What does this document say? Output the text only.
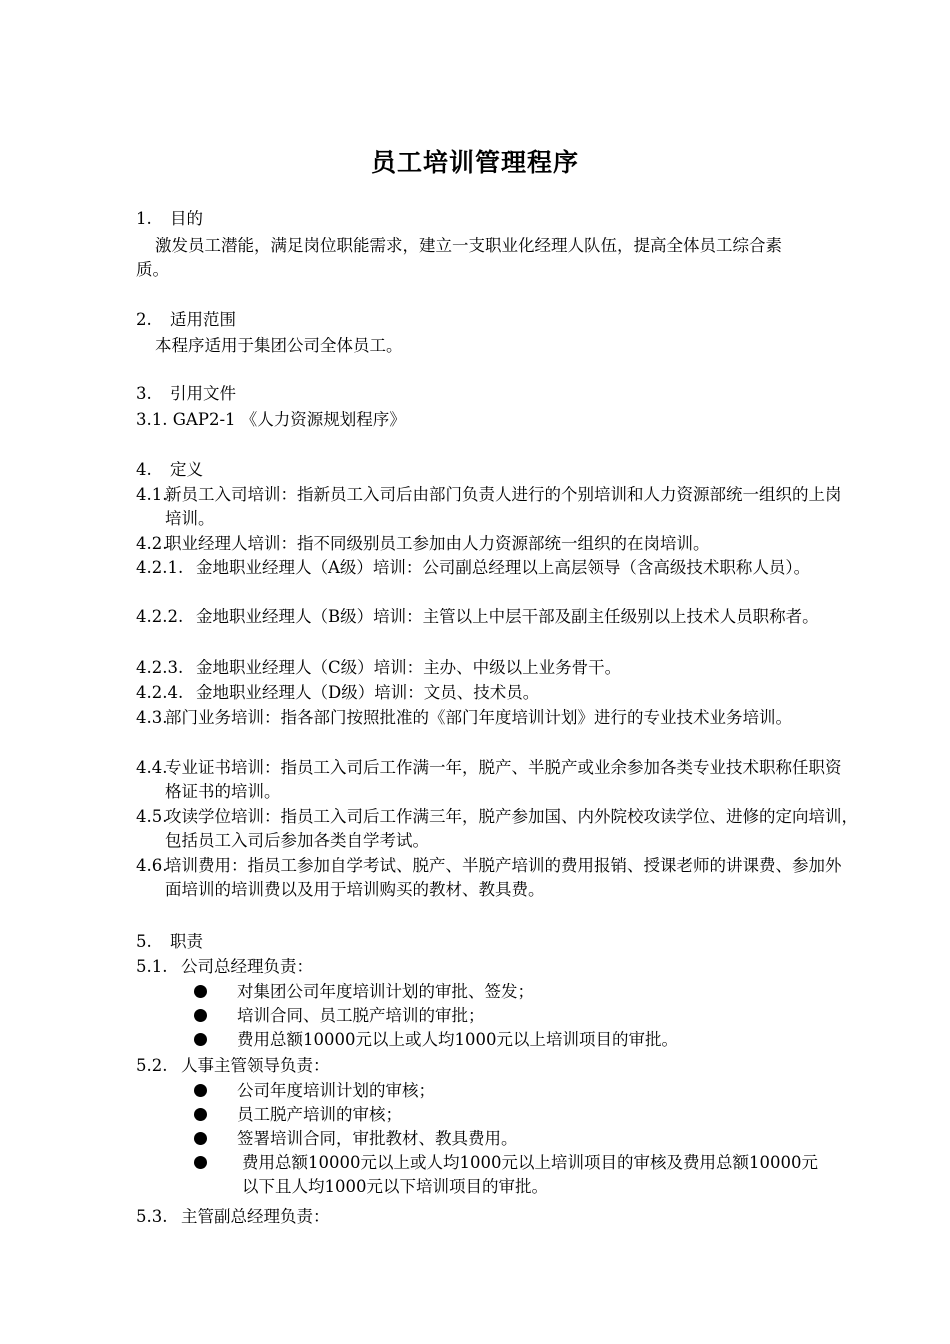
员工培训管理程序
1. 目的
激发员工潜能，满足岗位职能需求，建立一支职业化经理人队伍，提高全体员工综合素质。
2. 适用范围
本程序适用于集团公司全体员工。
3. 引用文件
3.1. GAP2-1 《人力资源规划程序》
4. 定义
4.1.新员工入司培训：指新员工入司后由部门负责人进行的个别培训和人力资源部统一组织的上岗培训。
4.2.职业经理人培训：指不同级别员工参加由人力资源部统一组织的在岗培训。
4.2.1. 金地职业经理人（A级）培训：公司副总经理以上高层领导（含高级技术职称人员）。
4.2.2. 金地职业经理人（B级）培训：主管以上中层干部及副主任级别以上技术人员职称者。
4.2.3. 金地职业经理人（C级）培训：主办、中级以上业务骨干。
4.2.4. 金地职业经理人（D级）培训：文员、技术员。
4.3.部门业务培训：指各部门按照批准的《部门年度培训计划》进行的专业技术业务培训。
4.4.专业证书培训：指员工入司后工作满一年，脱产、半脱产或业余参加各类专业技术职称任职资格证书的培训。
4.5.攻读学位培训：指员工入司后工作满三年，脱产参加国、内外院校攻读学位、进修的定向培训，包括员工入司后参加各类自学考试。
4.6.培训费用：指员工参加自学考试、脱产、半脱产培训的费用报销、授课老师的讲课费、参加外面培训的培训费以及用于培训购买的教材、教具费。
5. 职责
5.1. 公司总经理负责：
对集团公司年度培训计划的审批、签发；
培训合同、员工脱产培训的审批；
费用总额10000元以上或人均1000元以上培训项目的审批。
5.2. 人事主管领导负责：
公司年度培训计划的审核；
员工脱产培训的审核；
签署培训合同，审批教材、教具费用。
费用总额10000元以上或人均1000元以上培训项目的审核及费用总额10000元以下且人均1000元以下培训项目的审批。
5.3. 主管副总经理负责：
